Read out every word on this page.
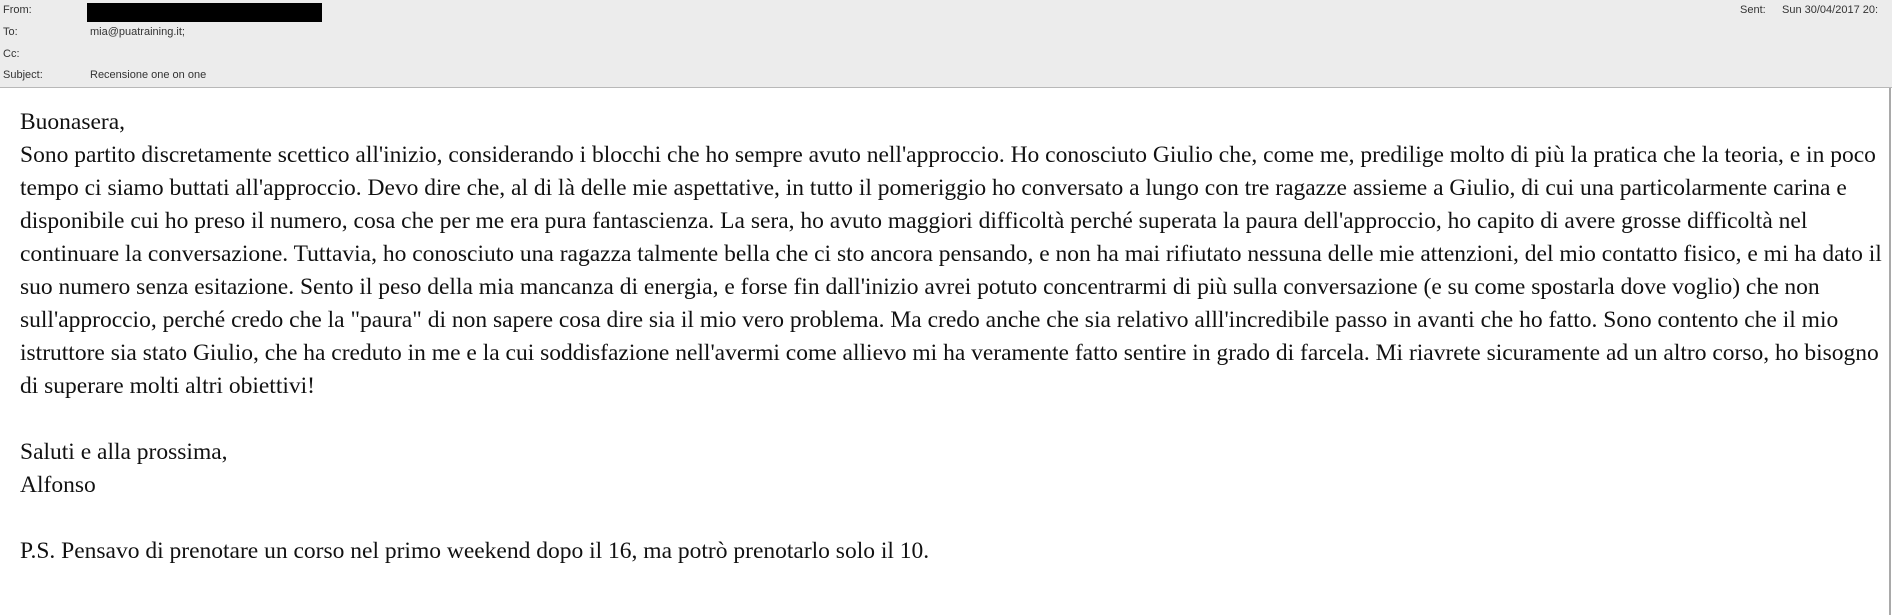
From:	Sent: Sun 30/04/2017 20:
To:	mia@puatraining.it;
Cc:
Subject:	Recensione one on one

Buonasera,

Sono partito discretamente scettico all'inizio, considerando i blocchi che ho sempre avuto nell'approccio. Ho conosciuto Giulio che, come me, predilige molto di più la pratica che la teoria, e in poco tempo ci siamo buttati all'approccio. Devo dire che, al di là delle mie aspettative, in tutto il pomeriggio ho conversato a lungo con tre ragazze assieme a Giulio, di cui una particolarmente carina e disponibile cui ho preso il numero, cosa che per me era pura fantascienza. La sera, ho avuto maggiori difficoltà perché superata la paura dell'approccio, ho capito di avere grosse difficoltà nel continuare la conversazione. Tuttavia, ho conosciuto una ragazza talmente bella che ci sto ancora pensando, e non ha mai rifiutato nessuna delle mie attenzioni, del mio contatto fisico, e mi ha dato il suo numero senza esitazione. Sento il peso della mia mancanza di energia, e forse fin dall'inizio avrei potuto concentrarmi di più sulla conversazione (e su come spostarla dove voglio) che non sull'approccio, perché credo che la "paura" di non sapere cosa dire sia il mio vero problema. Ma credo anche che sia relativo alll'incredibile passo in avanti che ho fatto. Sono contento che il mio istruttore sia stato Giulio, che ha creduto in me e la cui soddisfazione nell'avermi come allievo mi ha veramente fatto sentire in grado di farcela. Mi riavrete sicuramente ad un altro corso, ho bisogno di superare molti altri obiettivi!

Saluti e alla prossima,

Alfonso

P.S. Pensavo di prenotare un corso nel primo weekend dopo il 16, ma potrò prenotarlo solo il 10.
